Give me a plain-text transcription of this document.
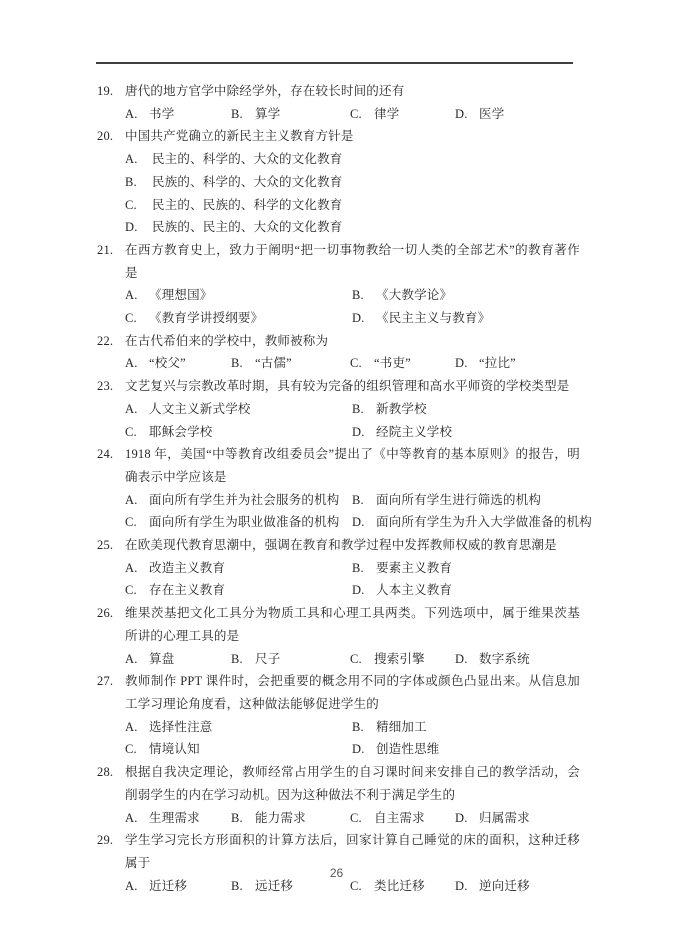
19. 唐代的地方官学中除经学外，存在较长时间的还有
A. 书学	B. 算学	C. 律学	D. 医学
20. 中国共产党确立的新民主主义教育方针是
A. 民主的、科学的、大众的文化教育
B. 民族的、科学的、大众的文化教育
C. 民主的、民族的、科学的文化教育
D. 民族的、民主的、大众的文化教育
21. 在西方教育史上，致力于阐明“把一切事物教给一切人类的全部艺术”的教育著作是
A. 《理想国》	B. 《大教学论》
C. 《教育学讲授纲要》	D. 《民主主义与教育》
22. 在古代希伯来的学校中，教师被称为
A. “校父”	B. “古儒”	C. “书吏”	D. “拉比”
23. 文艺复兴与宗教改革时期，具有较为完备的组织管理和高水平师资的学校类型是
A. 人文主义新式学校	B. 新教学校
C. 耶稣会学校	D. 经院主义学校
24. 1918 年，美国“中等教育改组委员会”提出了《中等教育的基本原则》的报告，明确表示中学应该是
A. 面向所有学生并为社会服务的机构 B. 面向所有学生进行筛选的机构
C. 面向所有学生为职业做准备的机构 D. 面向所有学生为升入大学做准备的机构
25. 在欧美现代教育思潮中，强调在教育和教学过程中发挥教师权威的教育思潮是
A. 改造主义教育	B. 要素主义教育
C. 存在主义教育	D. 人本主义教育
26. 维果茨基把文化工具分为物质工具和心理工具两类。下列选项中，属于维果茨基所讲的心理工具的是
A. 算盘	B. 尺子	C. 搜索引擎	D. 数字系统
27. 教师制作 PPT 课件时，会把重要的概念用不同的字体或颜色凸显出来。从信息加工学习理论角度看，这种做法能够促进学生的
A. 选择性注意	B. 精细加工
C. 情境认知	D. 创造性思维
28. 根据自我决定理论，教师经常占用学生的自习课时间来安排自己的教学活动，会削弱学生的内在学习动机。因为这种做法不利于满足学生的
A. 生理需求	B. 能力需求	C. 自主需求	D. 归属需求
29. 学生学习完长方形面积的计算方法后，回家计算自己睡觉的床的面积，这种迁移属于
A. 近迁移	B. 远迁移	C. 类比迁移	D. 逆向迁移
26
